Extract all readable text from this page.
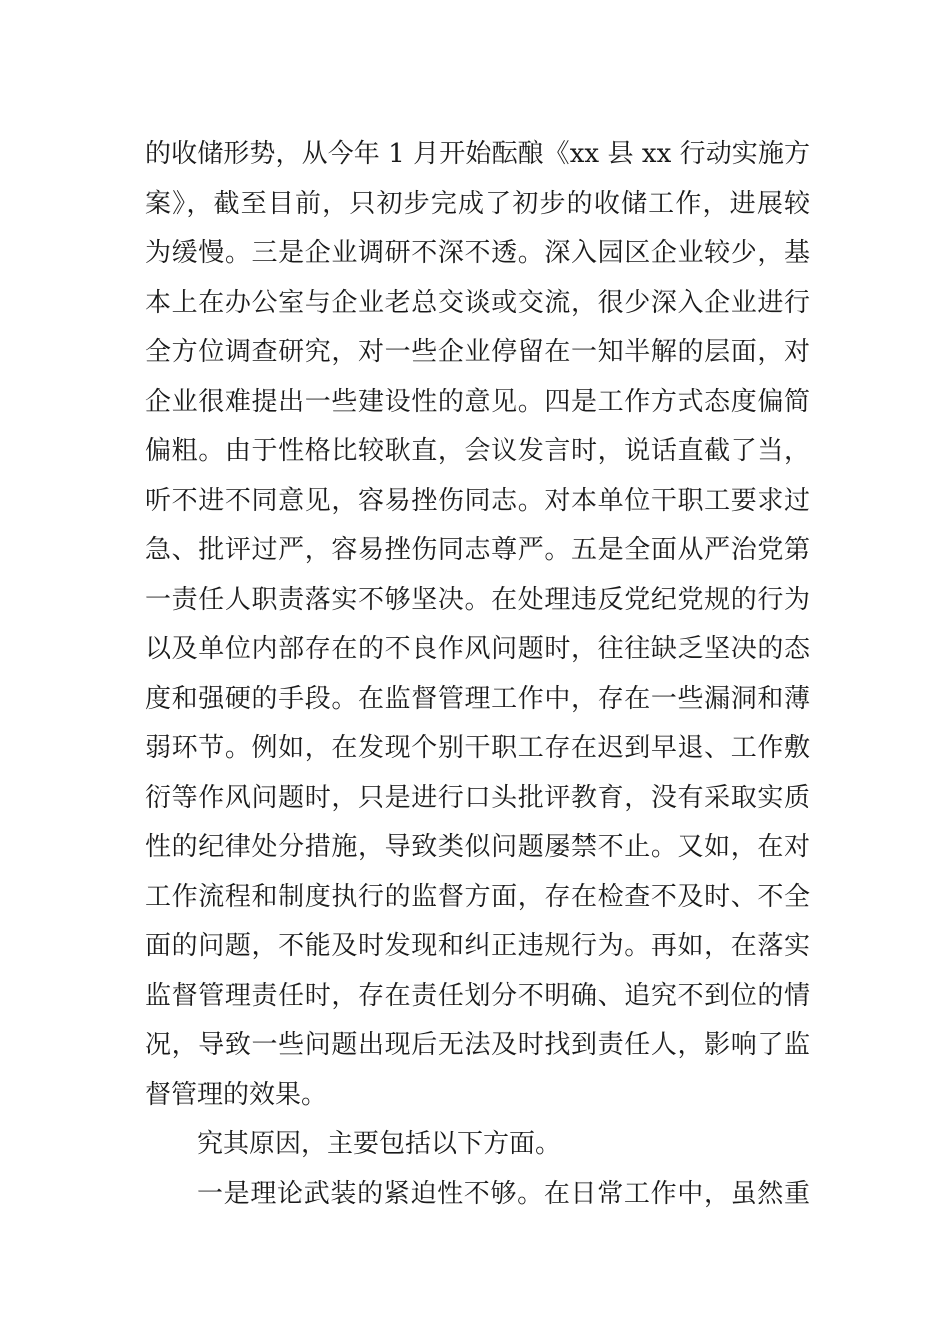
的收储形势，从今年 1 月开始酝酿《xx 县 xx 行动实施方
案》，截至目前，只初步完成了初步的收储工作，进展较
为缓慢。三是企业调研不深不透。深入园区企业较少，基
本上在办公室与企业老总交谈或交流，很少深入企业进行
全方位调查研究，对一些企业停留在一知半解的层面，对
企业很难提出一些建设性的意见。四是工作方式态度偏简
偏粗。由于性格比较耿直，会议发言时，说话直截了当，
听不进不同意见，容易挫伤同志。对本单位干职工要求过
急、批评过严，容易挫伤同志尊严。五是全面从严治党第
一责任人职责落实不够坚决。在处理违反党纪党规的行为
以及单位内部存在的不良作风问题时，往往缺乏坚决的态
度和强硬的手段。在监督管理工作中，存在一些漏洞和薄
弱环节。例如，在发现个别干职工存在迟到早退、工作敷
衍等作风问题时，只是进行口头批评教育，没有采取实质
性的纪律处分措施，导致类似问题屡禁不止。又如，在对
工作流程和制度执行的监督方面，存在检查不及时、不全
面的问题，不能及时发现和纠正违规行为。再如，在落实
监督管理责任时，存在责任划分不明确、追究不到位的情
况，导致一些问题出现后无法及时找到责任人，影响了监
督管理的效果。
究其原因，主要包括以下方面。
一是理论武装的紧迫性不够。在日常工作中，虽然重
